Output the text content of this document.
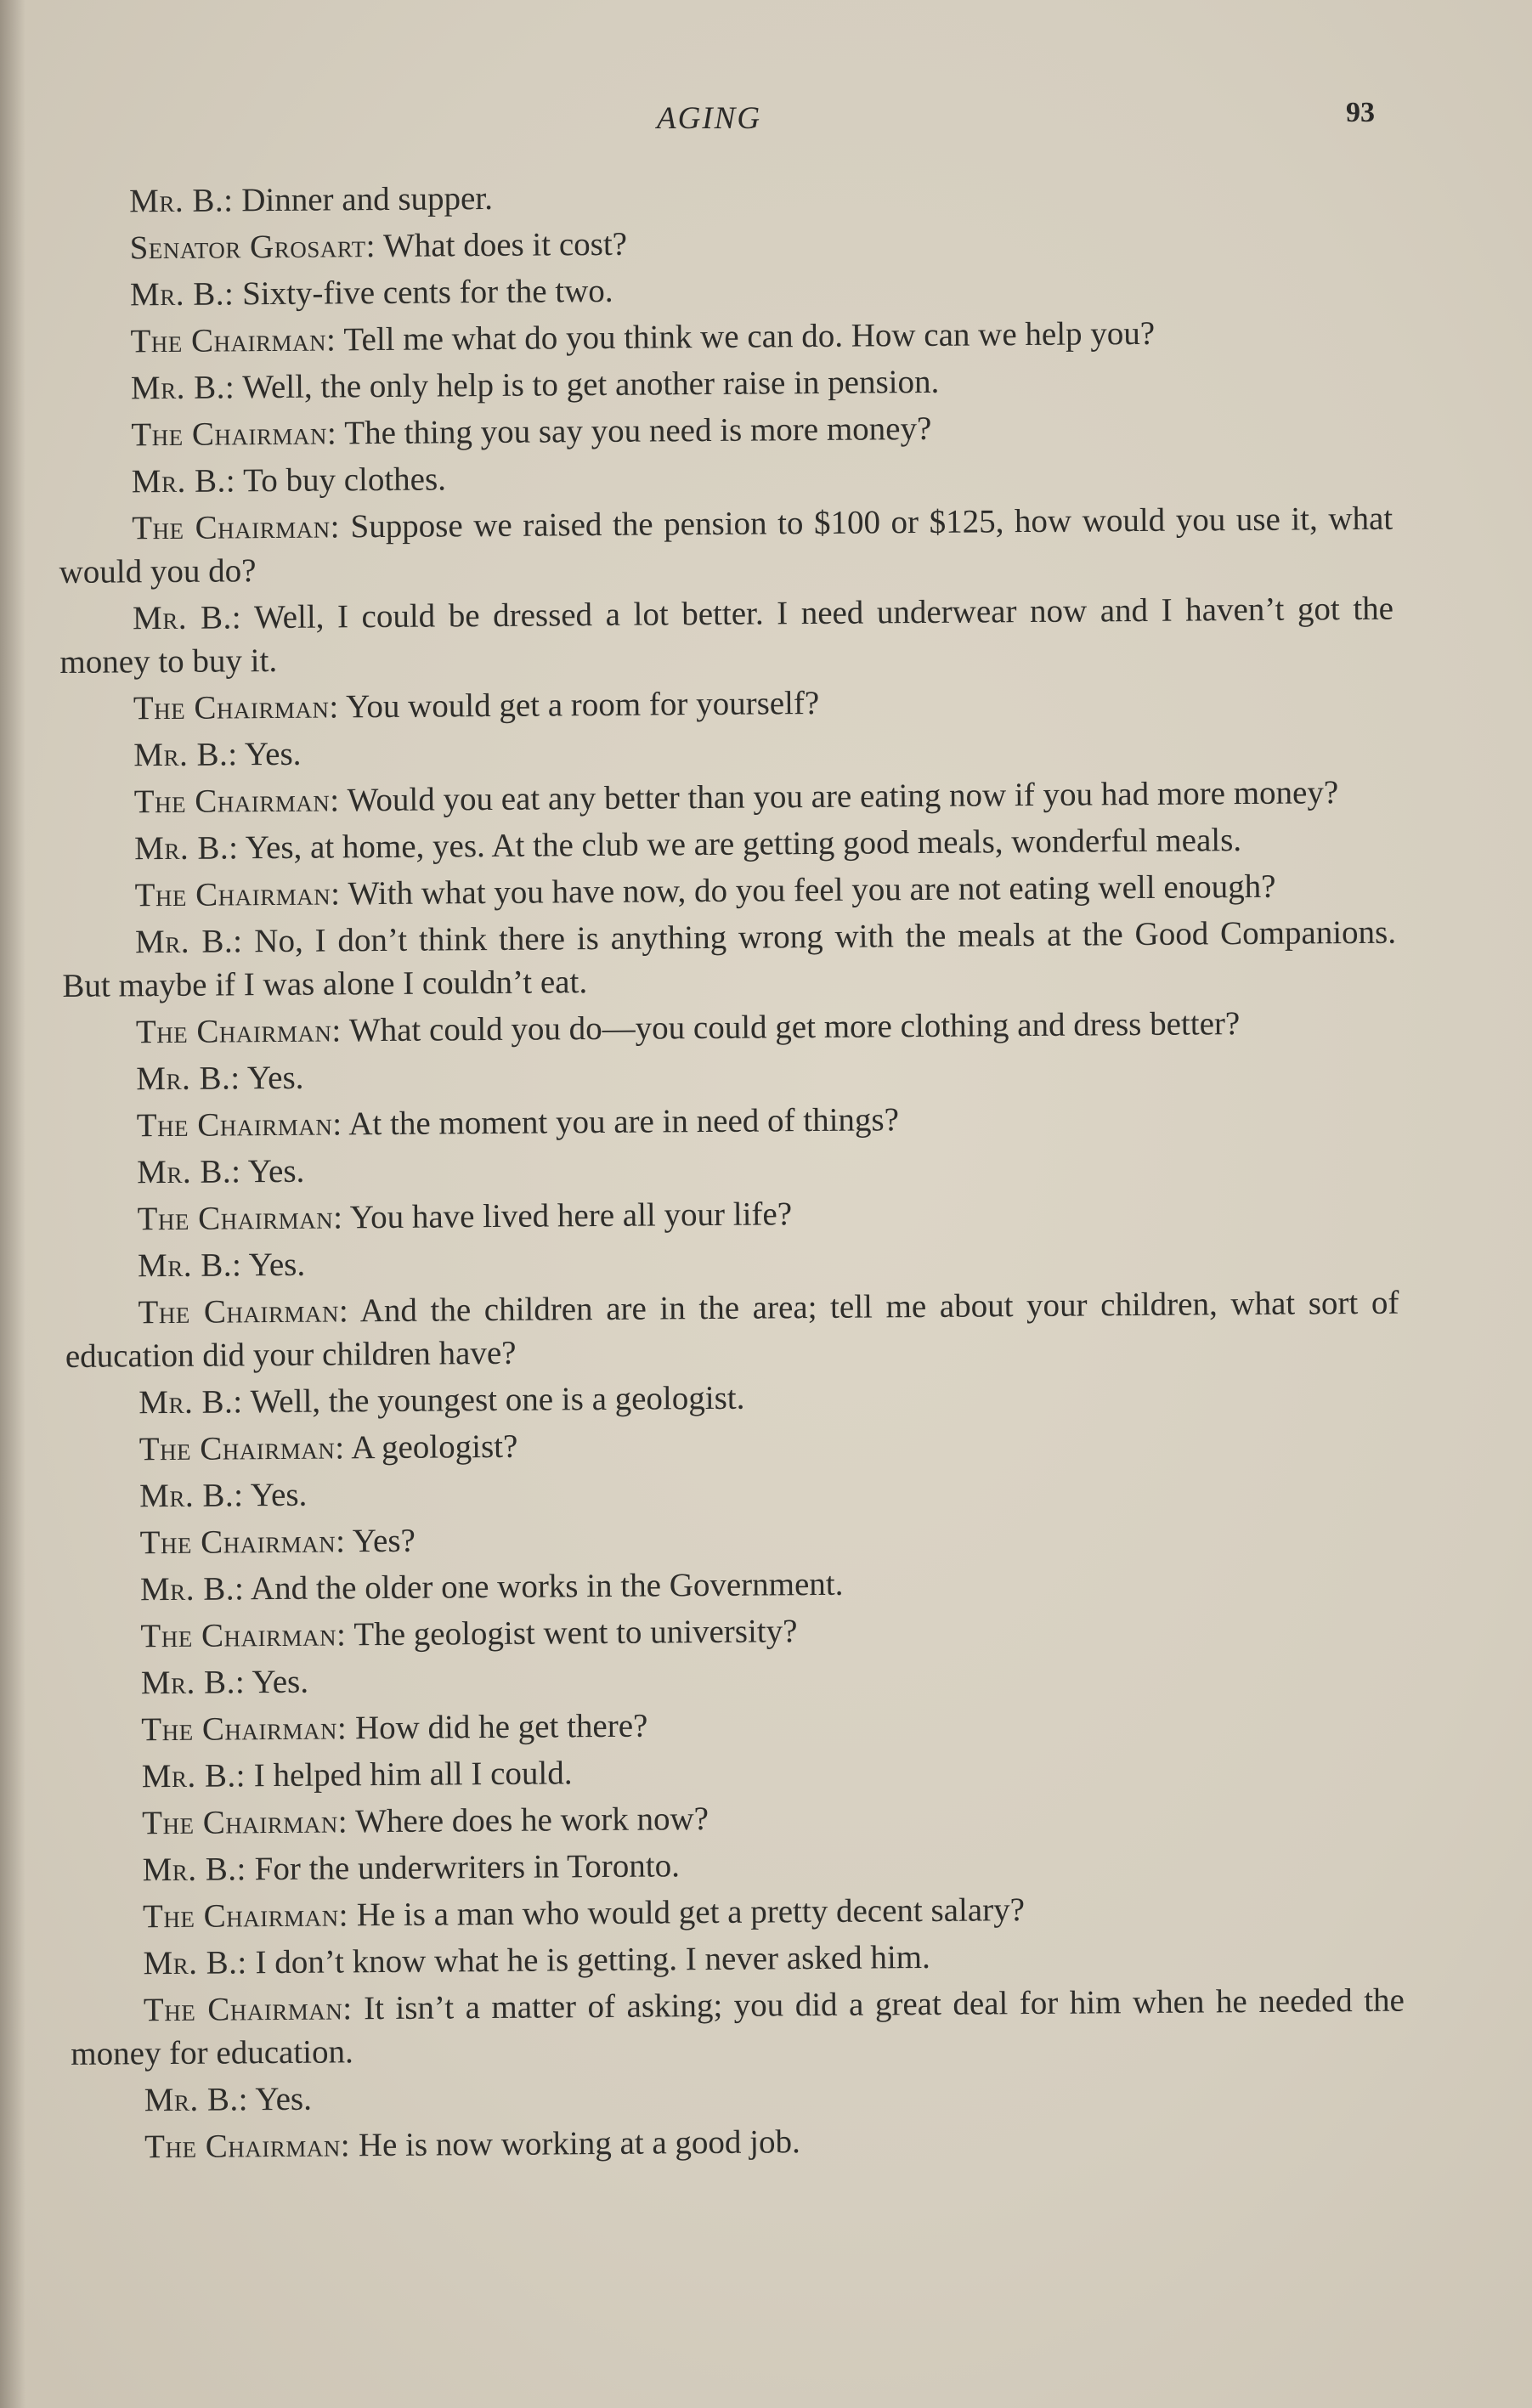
AGING	93

Mr. B.: Dinner and supper.

Senator Grosart: What does it cost?

Mr. B.: Sixty-five cents for the two.

The Chairman: Tell me what do you think we can do. How can we help you?

Mr. B.: Well, the only help is to get another raise in pension.

The Chairman: The thing you say you need is more money?

Mr. B.: To buy clothes.

The Chairman: Suppose we raised the pension to $100 or $125, how would you use it, what would you do?

Mr. B.: Well, I could be dressed a lot better. I need underwear now and I haven’t got the money to buy it.

The Chairman: You would get a room for yourself?

Mr. B.: Yes.

The Chairman: Would you eat any better than you are eating now if you had more money?

Mr. B.: Yes, at home, yes. At the club we are getting good meals, wonderful meals.

The Chairman: With what you have now, do you feel you are not eating well enough?

Mr. B.: No, I don’t think there is anything wrong with the meals at the Good Companions. But maybe if I was alone I couldn’t eat.

The Chairman: What could you do—you could get more clothing and dress better?

Mr. B.: Yes.

The Chairman: At the moment you are in need of things?

Mr. B.: Yes.

The Chairman: You have lived here all your life?

Mr. B.: Yes.

The Chairman: And the children are in the area; tell me about your children, what sort of education did your children have?

Mr. B.: Well, the youngest one is a geologist.

The Chairman: A geologist?

Mr. B.: Yes.

The Chairman: Yes?

Mr. B.: And the older one works in the Government.

The Chairman: The geologist went to university?

Mr. B.: Yes.

The Chairman: How did he get there?

Mr. B.: I helped him all I could.

The Chairman: Where does he work now?

Mr. B.: For the underwriters in Toronto.

The Chairman: He is a man who would get a pretty decent salary?

Mr. B.: I don’t know what he is getting. I never asked him.

The Chairman: It isn’t a matter of asking; you did a great deal for him when he needed the money for education.

Mr. B.: Yes.

The Chairman: He is now working at a good job.
